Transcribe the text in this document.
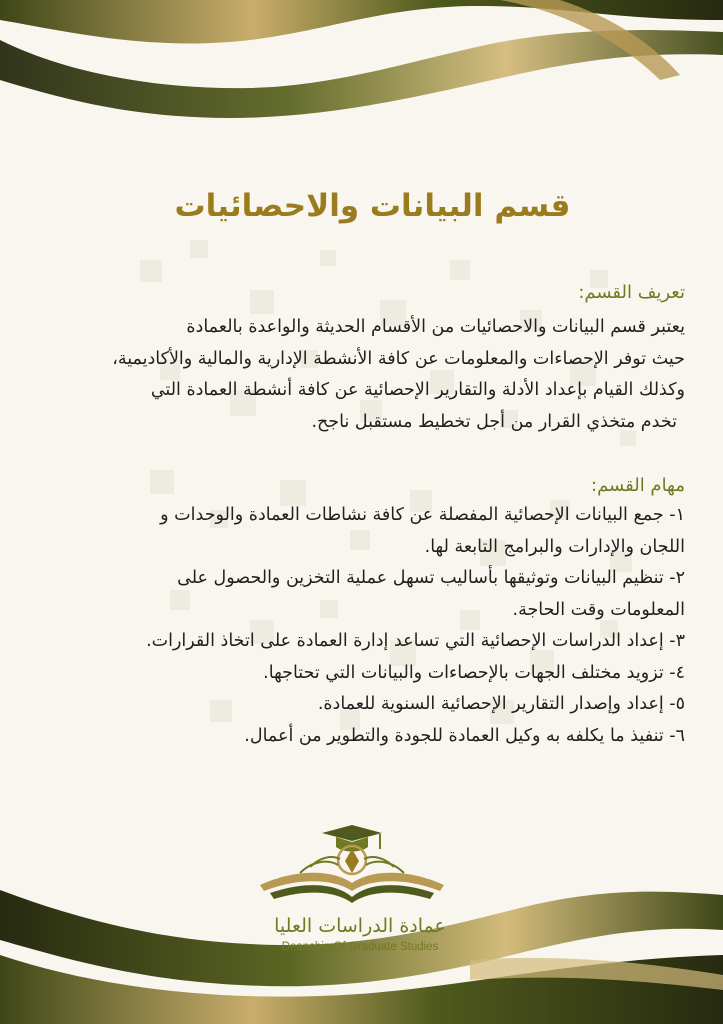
قسم البيانات والاحصائيات
تعريف القسم:

يعتبر قسم البيانات والاحصائيات من الأقسام الحديثة والواعدة بالعمادة
حيث توفر الإحصاءات والمعلومات عن كافة الأنشطة الإدارية والمالية والأكاديمية،
وكذلك القيام بإعداد الأدلة والتقارير الإحصائية عن كافة أنشطة العمادة التي
تخدم متخذي القرار من أجل تخطيط مستقبل ناجح.

مهام القسم:
١- جمع البيانات الإحصائية المفصلة عن كافة نشاطات العمادة والوحدات و
اللجان والإدارات والبرامج التابعة لها.
٢- تنظيم البيانات وتوثيقها بأساليب تسهل عملية التخزين والحصول على
المعلومات وقت الحاجة.
٣- إعداد الدراسات الإحصائية التي تساعد إدارة العمادة على اتخاذ القرارات.
٤- تزويد مختلف الجهات بالإحصاءات والبيانات التي تحتاجها.
٥- إعداد وإصدار التقارير الإحصائية السنوية للعمادة.
٦- تنفيذ ما يكلفه به وكيل العمادة للجودة والتطوير من أعمال.
عمادة الدراسات العليا
Deanship Of Graduate Studies
